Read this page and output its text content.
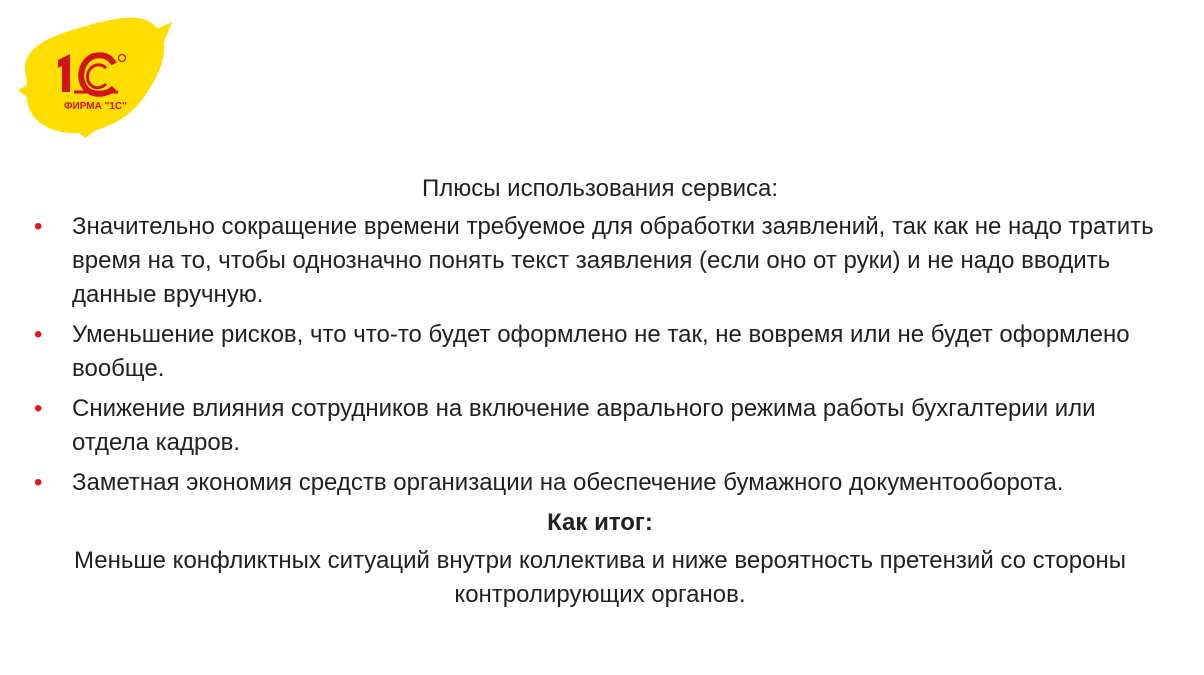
ФИРМА "1С"
Плюсы использования сервиса:
• Значительно сокращение времени требуемое для обработки заявлений, так как не надо тратить время на то, чтобы однозначно понять текст заявления (если оно от руки) и не надо вводить данные вручную.
• Уменьшение рисков, что что-то будет оформлено не так, не вовремя или не будет оформлено вообще.
• Снижение влияния сотрудников на включение аврального режима работы бухгалтерии или отдела кадров.
• Заметная экономия средств организации на обеспечение бумажного документооборота.
Как итог:

Меньше конфликтных ситуаций внутри коллектива и ниже вероятность претензий со стороны контролирующих органов.
